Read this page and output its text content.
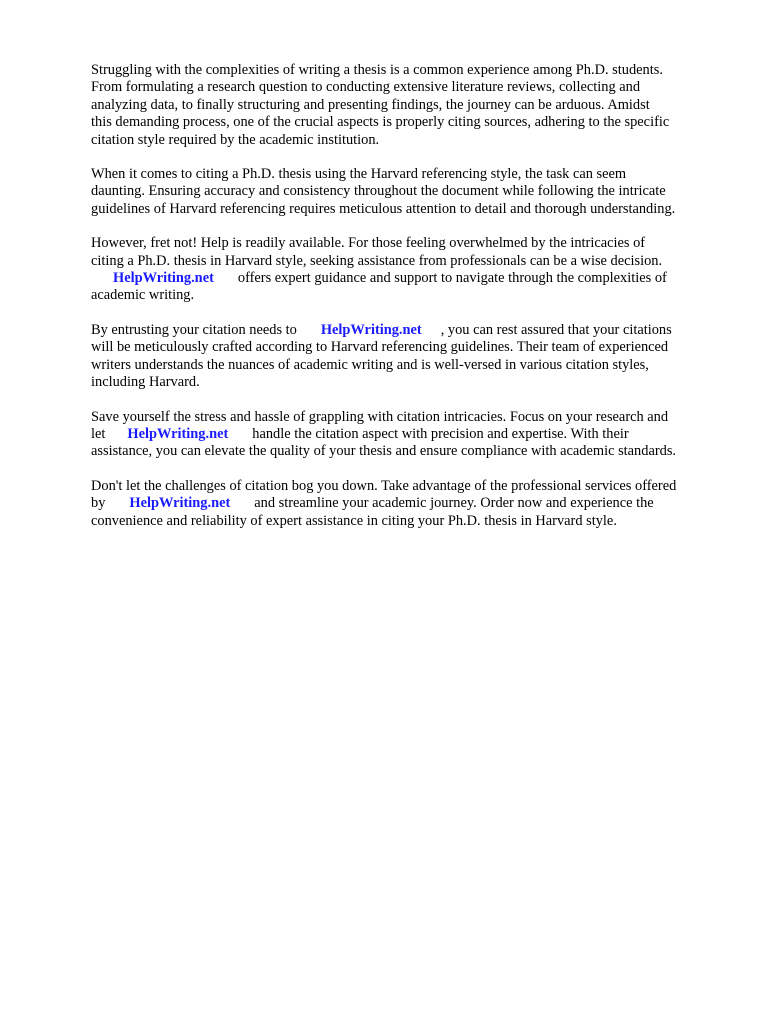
Struggling with the complexities of writing a thesis is a common experience among Ph.D. students.
From formulating a research question to conducting extensive literature reviews, collecting and
analyzing data, to finally structuring and presenting findings, the journey can be arduous. Amidst
this demanding process, one of the crucial aspects is properly citing sources, adhering to the specific
citation style required by the academic institution.

When it comes to citing a Ph.D. thesis using the Harvard referencing style, the task can seem
daunting. Ensuring accuracy and consistency throughout the document while following the intricate
guidelines of Harvard referencing requires meticulous attention to detail and thorough understanding.

However, fret not! Help is readily available. For those feeling overwhelmed by the intricacies of
citing a Ph.D. thesis in Harvard style, seeking assistance from professionals can be a wise decision.
HelpWriting.net offers expert guidance and support to navigate through the complexities of
academic writing.

By entrusting your citation needs to HelpWriting.net , you can rest assured that your citations
will be meticulously crafted according to Harvard referencing guidelines. Their team of experienced
writers understands the nuances of academic writing and is well-versed in various citation styles,
including Harvard.

Save yourself the stress and hassle of grappling with citation intricacies. Focus on your research and
let HelpWriting.net handle the citation aspect with precision and expertise. With their
assistance, you can elevate the quality of your thesis and ensure compliance with academic standards.

Don't let the challenges of citation bog you down. Take advantage of the professional services offered
by HelpWriting.net and streamline your academic journey. Order now and experience the
convenience and reliability of expert assistance in citing your Ph.D. thesis in Harvard style.
